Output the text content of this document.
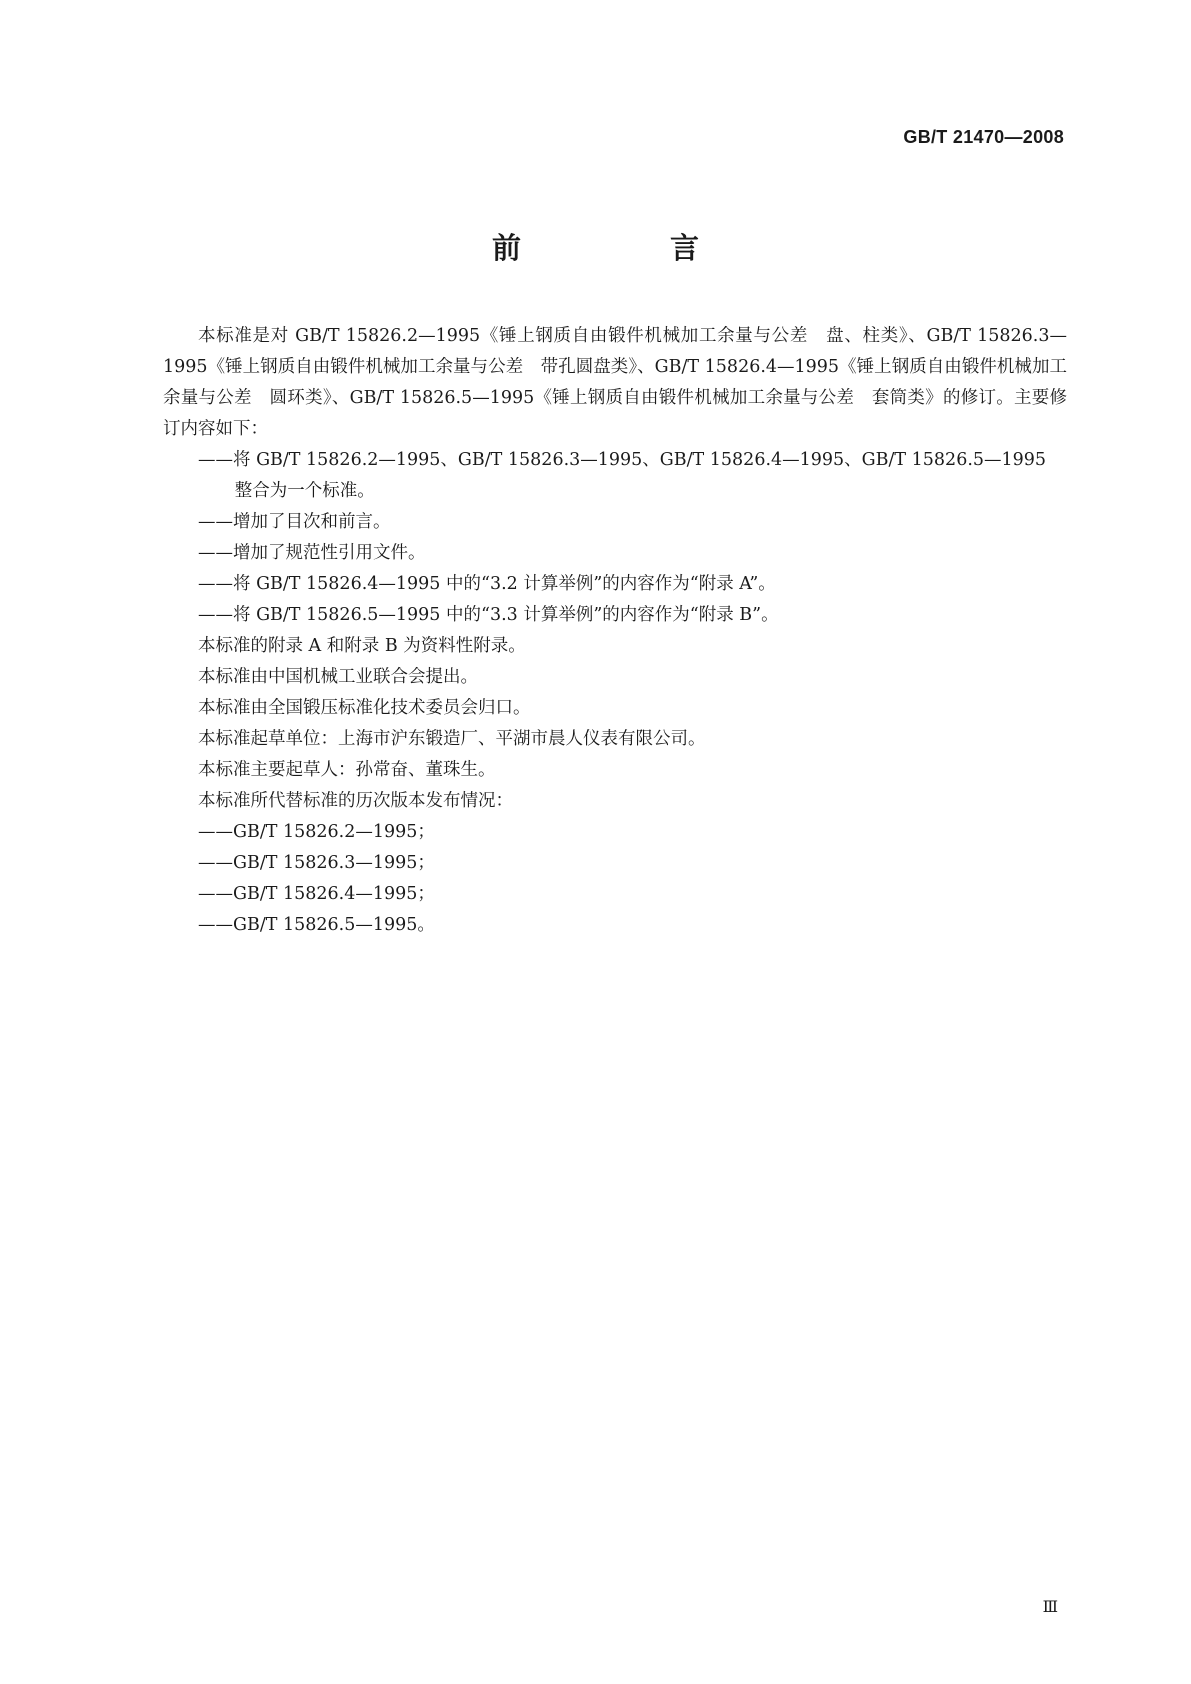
GB/T 21470—2008
前　言

本标准是对 GB/T 15826.2—1995《锤上钢质自由锻件机械加工余量与公差　盘、柱类》、GB/T 15826.3—1995《锤上钢质自由锻件机械加工余量与公差　带孔圆盘类》、GB/T 15826.4—1995《锤上钢质自由锻件机械加工余量与公差　圆环类》、GB/T 15826.5—1995《锤上钢质自由锻件机械加工余量与公差　套筒类》的修订。主要修订内容如下：

——将 GB/T 15826.2—1995、GB/T 15826.3—1995、GB/T 15826.4—1995、GB/T 15826.5—1995 整合为一个标准。

——增加了目次和前言。

——增加了规范性引用文件。

——将 GB/T 15826.4—1995 中的“3.2 计算举例”的内容作为“附录 A”。

——将 GB/T 15826.5—1995 中的“3.3 计算举例”的内容作为“附录 B”。

本标准的附录 A 和附录 B 为资料性附录。

本标准由中国机械工业联合会提出。

本标准由全国锻压标准化技术委员会归口。

本标准起草单位：上海市沪东锻造厂、平湖市晨人仪表有限公司。

本标准主要起草人：孙常奋、董珠生。

本标准所代替标准的历次版本发布情况：

——GB/T 15826.2—1995；

——GB/T 15826.3—1995；

——GB/T 15826.4—1995；

——GB/T 15826.5—1995。

Ⅲ
